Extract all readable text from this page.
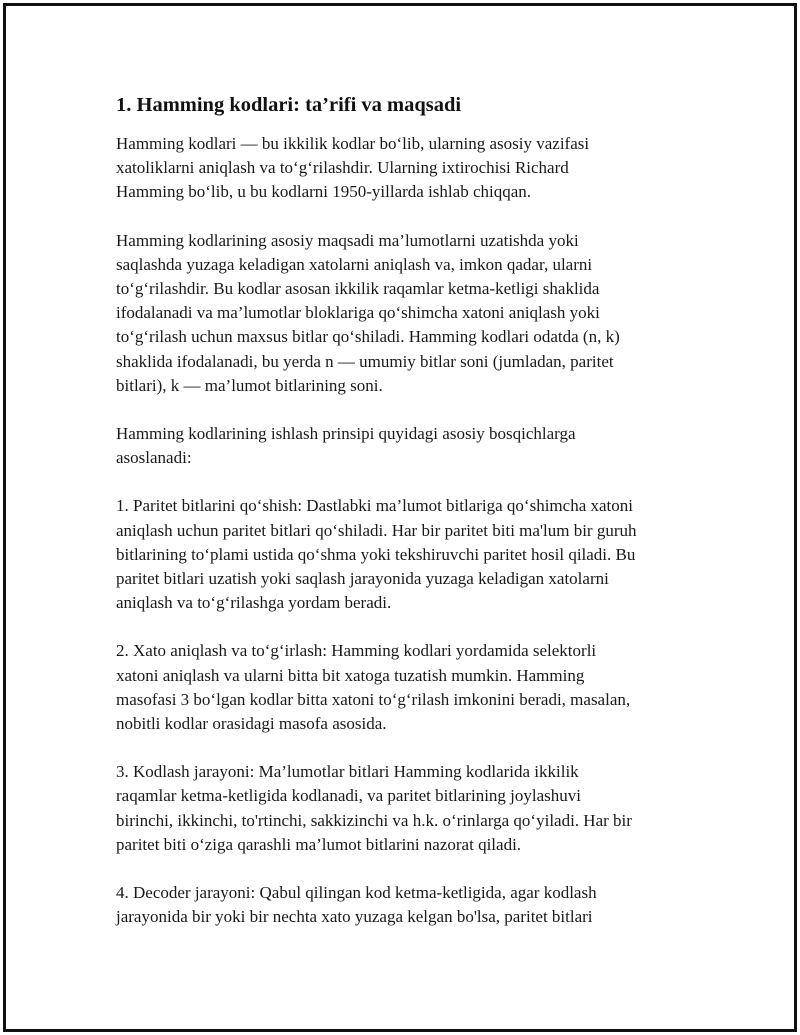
1. Hamming kodlari: ta’rifi va maqsadi

Hamming kodlari — bu ikkilik kodlar bo‘lib, ularning asosiy vazifasi
xatoliklarni aniqlash va to‘g‘rilashdir. Ularning ixtirochisi Richard
Hamming bo‘lib, u bu kodlarni 1950-yillarda ishlab chiqqan.

Hamming kodlarining asosiy maqsadi ma’lumotlarni uzatishda yoki
saqlashda yuzaga keladigan xatolarni aniqlash va, imkon qadar, ularni
to‘g‘rilashdir. Bu kodlar asosan ikkilik raqamlar ketma-ketligi shaklida
ifodalanadi va ma’lumotlar bloklariga qo‘shimcha xatoni aniqlash yoki
to‘g‘rilash uchun maxsus bitlar qo‘shiladi. Hamming kodlari odatda (n, k)
shaklida ifodalanadi, bu yerda n — umumiy bitlar soni (jumladan, paritet
bitlari), k — ma’lumot bitlarining soni.

Hamming kodlarining ishlash prinsipi quyidagi asosiy bosqichlarga
asoslanadi:

1. Paritet bitlarini qo‘shish: Dastlabki ma’lumot bitlariga qo‘shimcha xatoni
aniqlash uchun paritet bitlari qo‘shiladi. Har bir paritet biti ma'lum bir guruh
bitlarining to‘plami ustida qo‘shma yoki tekshiruvchi paritet hosil qiladi. Bu
paritet bitlari uzatish yoki saqlash jarayonida yuzaga keladigan xatolarni
aniqlash va to‘g‘rilashga yordam beradi.

2. Xato aniqlash va to‘g‘irlash: Hamming kodlari yordamida selektorli
xatoni aniqlash va ularni bitta bit xatoga tuzatish mumkin. Hamming
masofasi 3 bo‘lgan kodlar bitta xatoni to‘g‘rilash imkonini beradi, masalan,
nobitli kodlar orasidagi masofa asosida.

3. Kodlash jarayoni: Ma’lumotlar bitlari Hamming kodlarida ikkilik
raqamlar ketma-ketligida kodlanadi, va paritet bitlarining joylashuvi
birinchi, ikkinchi, to'rtinchi, sakkizinchi va h.k. o‘rinlarga qo‘yiladi. Har bir
paritet biti o‘ziga qarashli ma’lumot bitlarini nazorat qiladi.

4. Decoder jarayoni: Qabul qilingan kod ketma-ketligida, agar kodlash
jarayonida bir yoki bir nechta xato yuzaga kelgan bo'lsa, paritet bitlari
